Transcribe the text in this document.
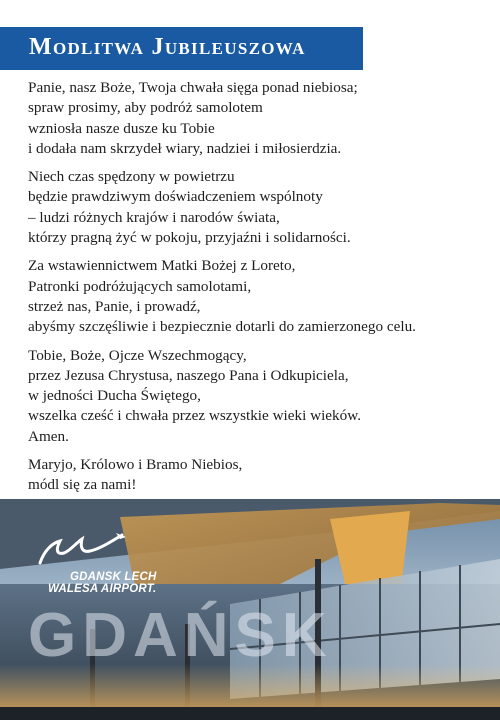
Modlitwa Jubileuszowa
Panie, nasz Boże, Twoja chwała sięga ponad niebiosa;
spraw prosimy, aby podróż samolotem
wzniosła nasze dusze ku Tobie
i dodała nam skrzydeł wiary, nadziei i miłosierdzia.
Niech czas spędzony w powietrzu
będzie prawdziwym doświadczeniem wspólnoty
– ludzi różnych krajów i narodów świata,
którzy pragną żyć w pokoju, przyjaźni i solidarności.
Za wstawiennictwem Matki Bożej z Loreto,
Patronki podróżujących samolotami,
strzeż nas, Panie, i prowadź,
abyśmy szczęśliwie i bezpiecznie dotarli do zamierzonego celu.
Tobie, Boże, Ojcze Wszechmogący,
przez Jezusa Chrystusa, naszego Pana i Odkupiciela,
w jedności Ducha Świętego,
wszelka cześć i chwała przez wszystkie wieki wieków.
Amen.
Maryjo, Królowo i Bramo Niebios,
módl się za nami!
GDAŃSK
GDANSK LECH
WALESA AIRPORT.
